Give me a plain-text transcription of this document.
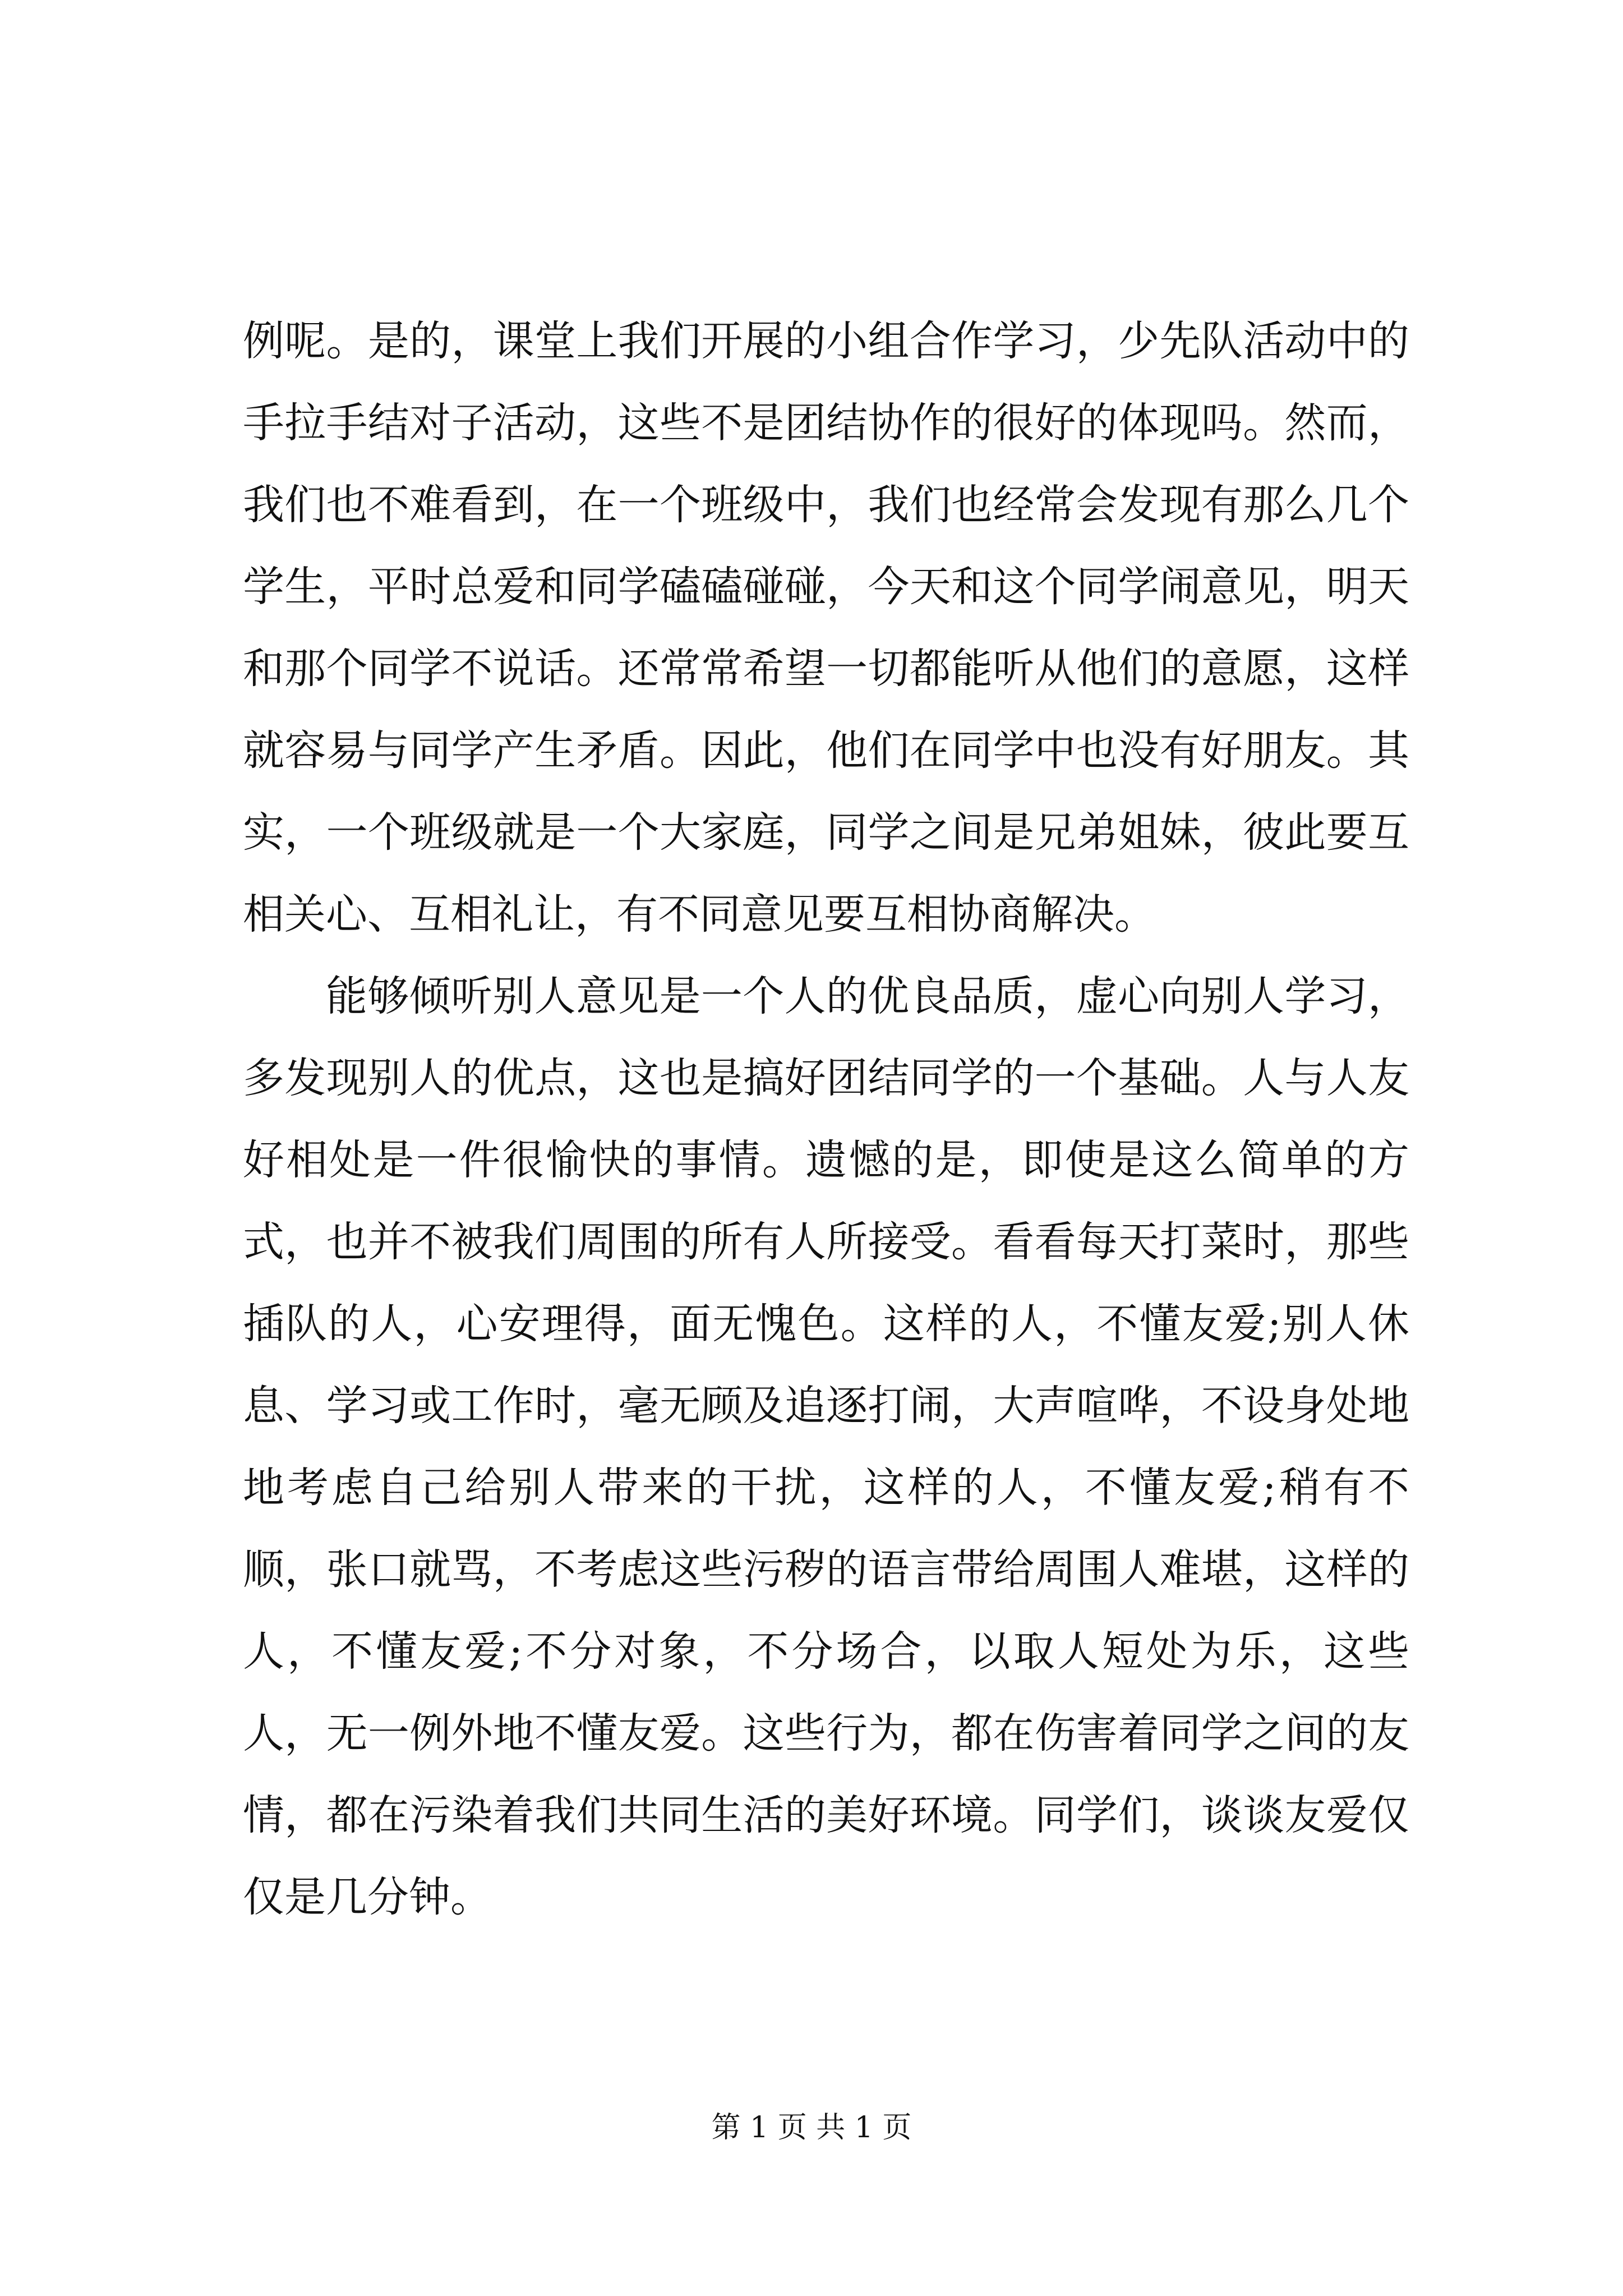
例呢。是的，课堂上我们开展的小组合作学习，少先队活动中的手拉手结对子活动，这些不是团结协作的很好的体现吗。然而，我们也不难看到，在一个班级中，我们也经常会发现有那么几个学生，平时总爱和同学磕磕碰碰，今天和这个同学闹意见，明天和那个同学不说话。还常常希望一切都能听从他们的意愿，这样就容易与同学产生矛盾。因此，他们在同学中也没有好朋友。其实，一个班级就是一个大家庭，同学之间是兄弟姐妹，彼此要互相关心、互相礼让，有不同意见要互相协商解决。

能够倾听别人意见是一个人的优良品质，虚心向别人学习，多发现别人的优点，这也是搞好团结同学的一个基础。人与人友好相处是一件很愉快的事情。遗憾的是，即使是这么简单的方式，也并不被我们周围的所有人所接受。看看每天打菜时，那些插队的人，心安理得，面无愧色。这样的人，不懂友爱;别人休息、学习或工作时，毫无顾及追逐打闹，大声喧哗，不设身处地地考虑自己给别人带来的干扰，这样的人，不懂友爱;稍有不顺，张口就骂，不考虑这些污秽的语言带给周围人难堪，这样的人，不懂友爱;不分对象，不分场合，以取人短处为乐，这些人，无一例外地不懂友爱。这些行为，都在伤害着同学之间的友情，都在污染着我们共同生活的美好环境。同学们，谈谈友爱仅仅是几分钟。

第 1 页 共 1 页
